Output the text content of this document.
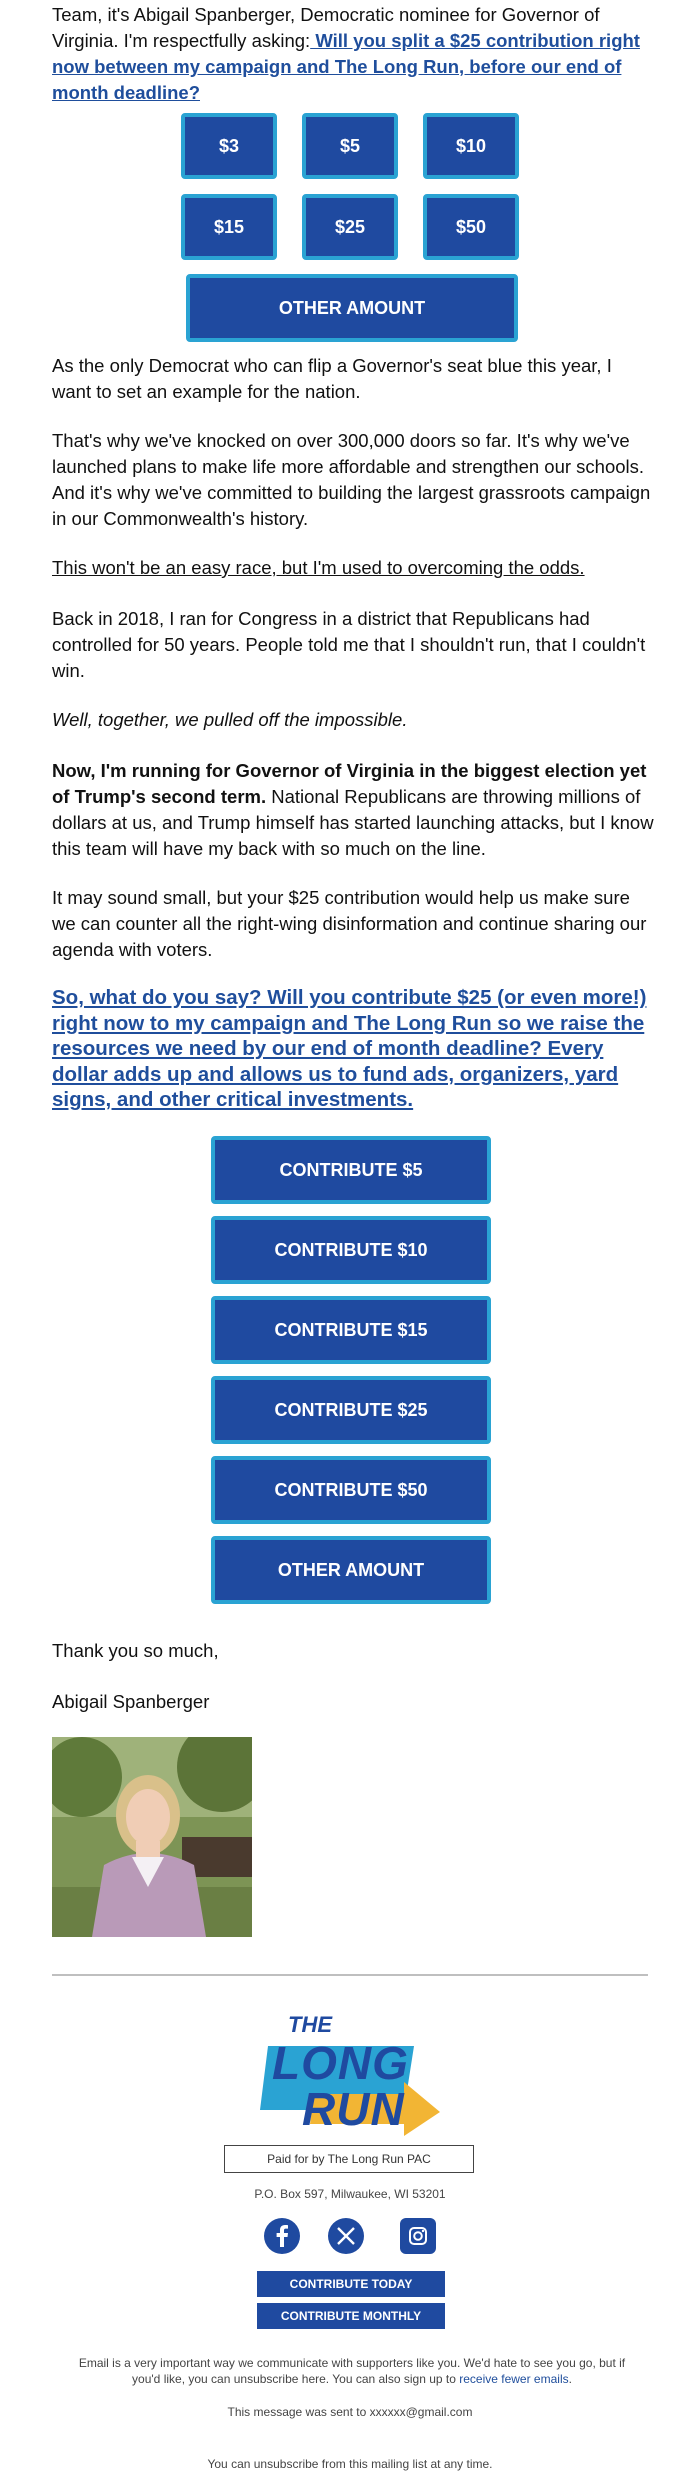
Team, it's Abigail Spanberger, Democratic nominee for Governor of Virginia. I'm respectfully asking: Will you split a $25 contribution right now between my campaign and The Long Run, before our end of month deadline?

$3	$5	$10
$15	$25	$50
OTHER AMOUNT

As the only Democrat who can flip a Governor's seat blue this year, I want to set an example for the nation.

That's why we've knocked on over 300,000 doors so far. It's why we've launched plans to make life more affordable and strengthen our schools. And it's why we've committed to building the largest grassroots campaign in our Commonwealth's history.

This won't be an easy race, but I'm used to overcoming the odds.

Back in 2018, I ran for Congress in a district that Republicans had controlled for 50 years. People told me that I shouldn't run, that I couldn't win.

Well, together, we pulled off the impossible.

Now, I'm running for Governor of Virginia in the biggest election yet of Trump's second term. National Republicans are throwing millions of dollars at us, and Trump himself has started launching attacks, but I know this team will have my back with so much on the line.

It may sound small, but your $25 contribution would help us make sure we can counter all the right-wing disinformation and continue sharing our agenda with voters.

So, what do you say? Will you contribute $25 (or even more!) right now to my campaign and The Long Run so we raise the resources we need by our end of month deadline? Every dollar adds up and allows us to fund ads, organizers, yard signs, and other critical investments.
CONTRIBUTE $5
CONTRIBUTE $10
CONTRIBUTE $15
CONTRIBUTE $25
CONTRIBUTE $50
OTHER AMOUNT

Thank you so much,

Abigail Spanberger

THE
LONG
RUN
Paid for by The Long Run PAC
P.O. Box 597, Milwaukee, WI 53201
CONTRIBUTE TODAY
CONTRIBUTE MONTHLY
Email is a very important way we communicate with supporters like you. We'd hate to see you go, but if you'd like, you can unsubscribe here. You can also sign up to receive fewer emails.
This message was sent to xxxxxx@gmail.com
You can unsubscribe from this mailing list at any time.
